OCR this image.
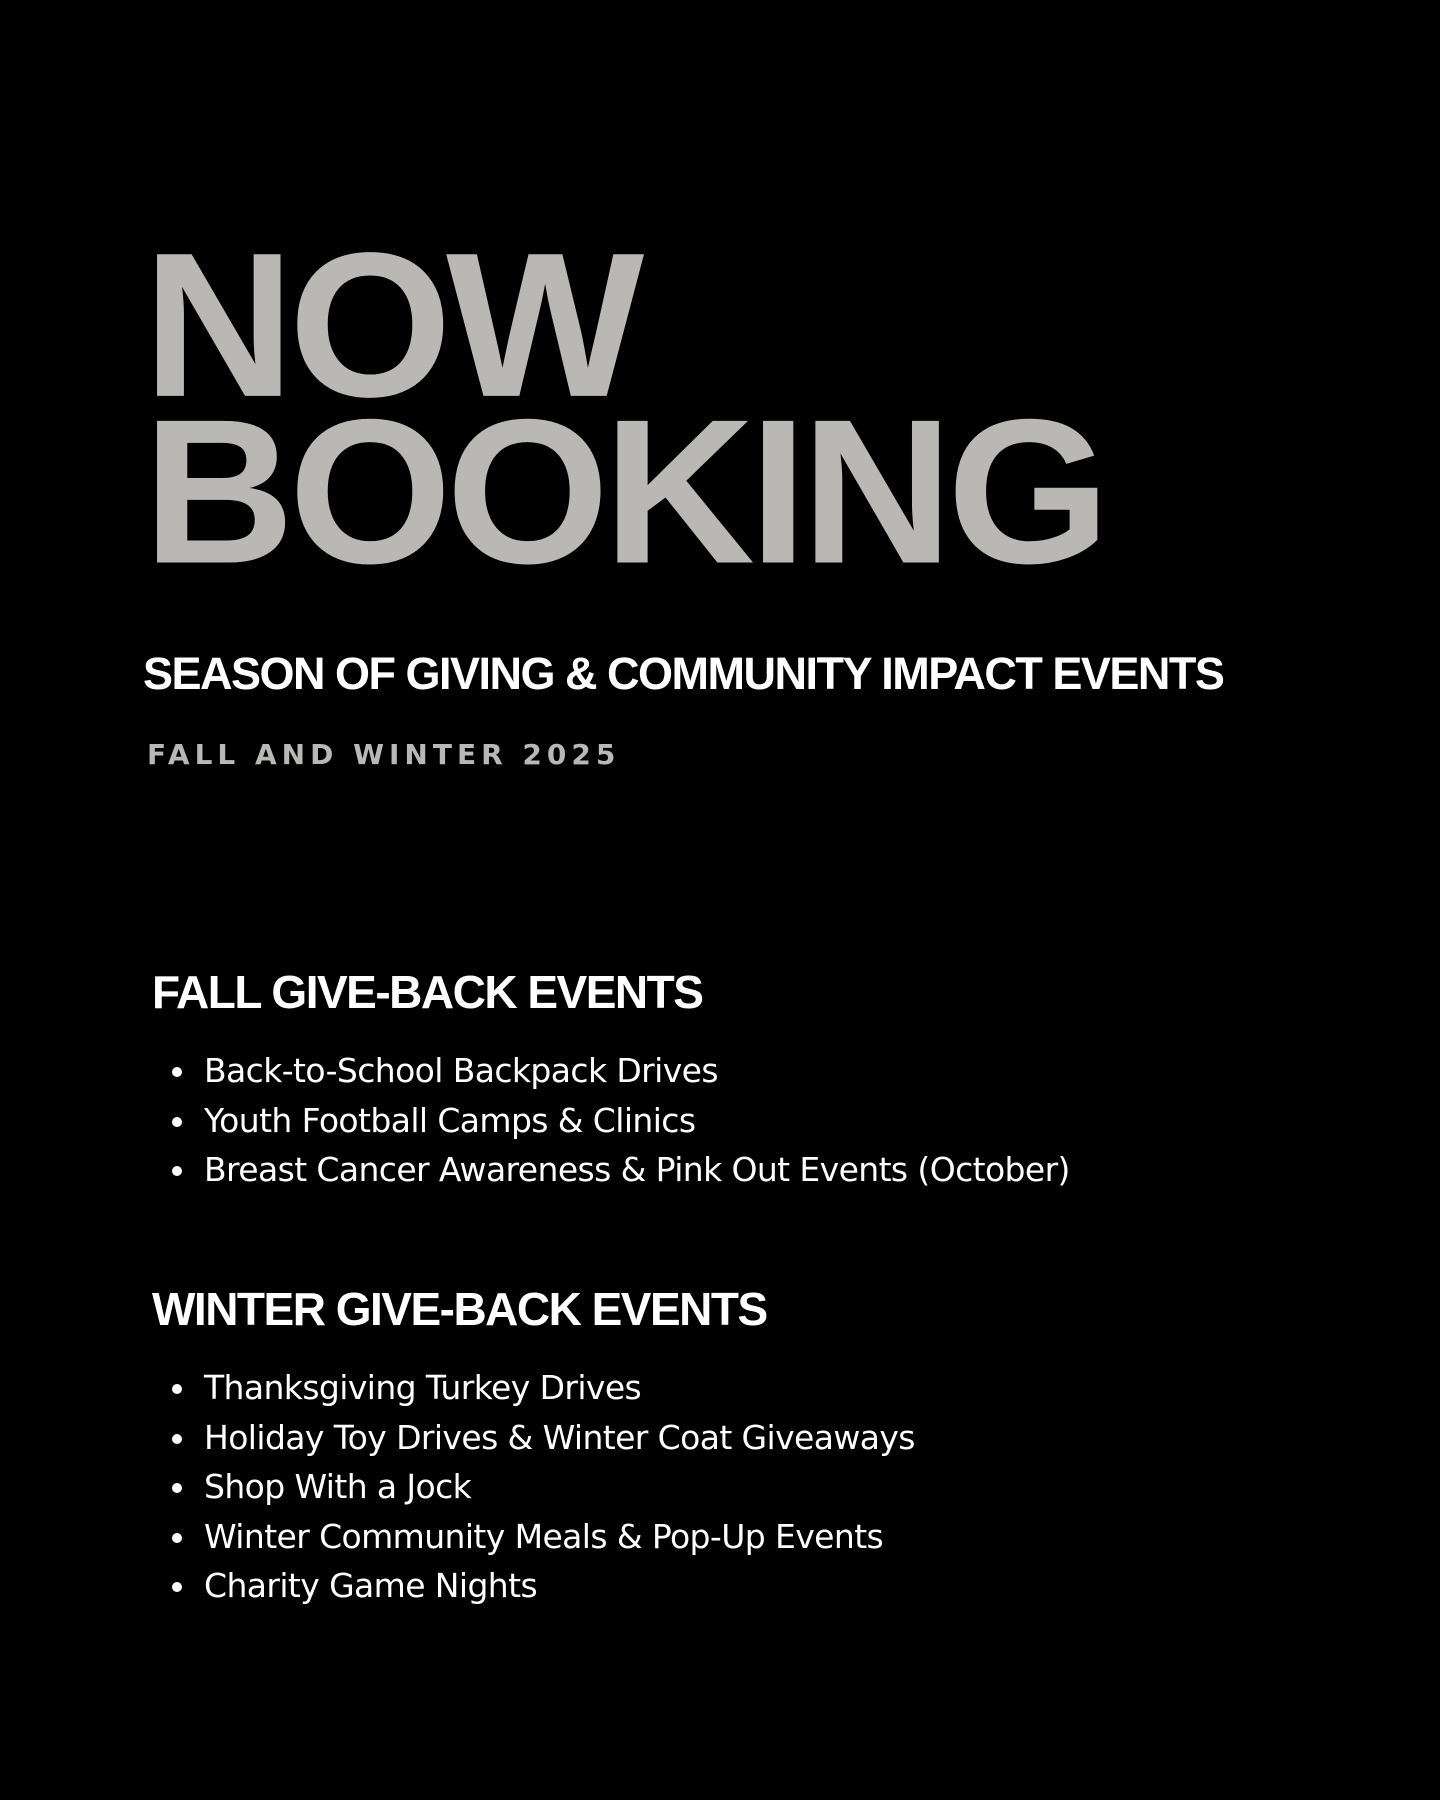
NOW
BOOKING
SEASON OF GIVING & COMMUNITY IMPACT EVENTS

FALL AND WINTER 2025

FALL GIVE-BACK EVENTS
Back-to-School Backpack Drives
Youth Football Camps & Clinics
Breast Cancer Awareness & Pink Out Events (October)
WINTER GIVE-BACK EVENTS
Thanksgiving Turkey Drives
Holiday Toy Drives & Winter Coat Giveaways
Shop With a Jock
Winter Community Meals & Pop-Up Events
Charity Game Nights
